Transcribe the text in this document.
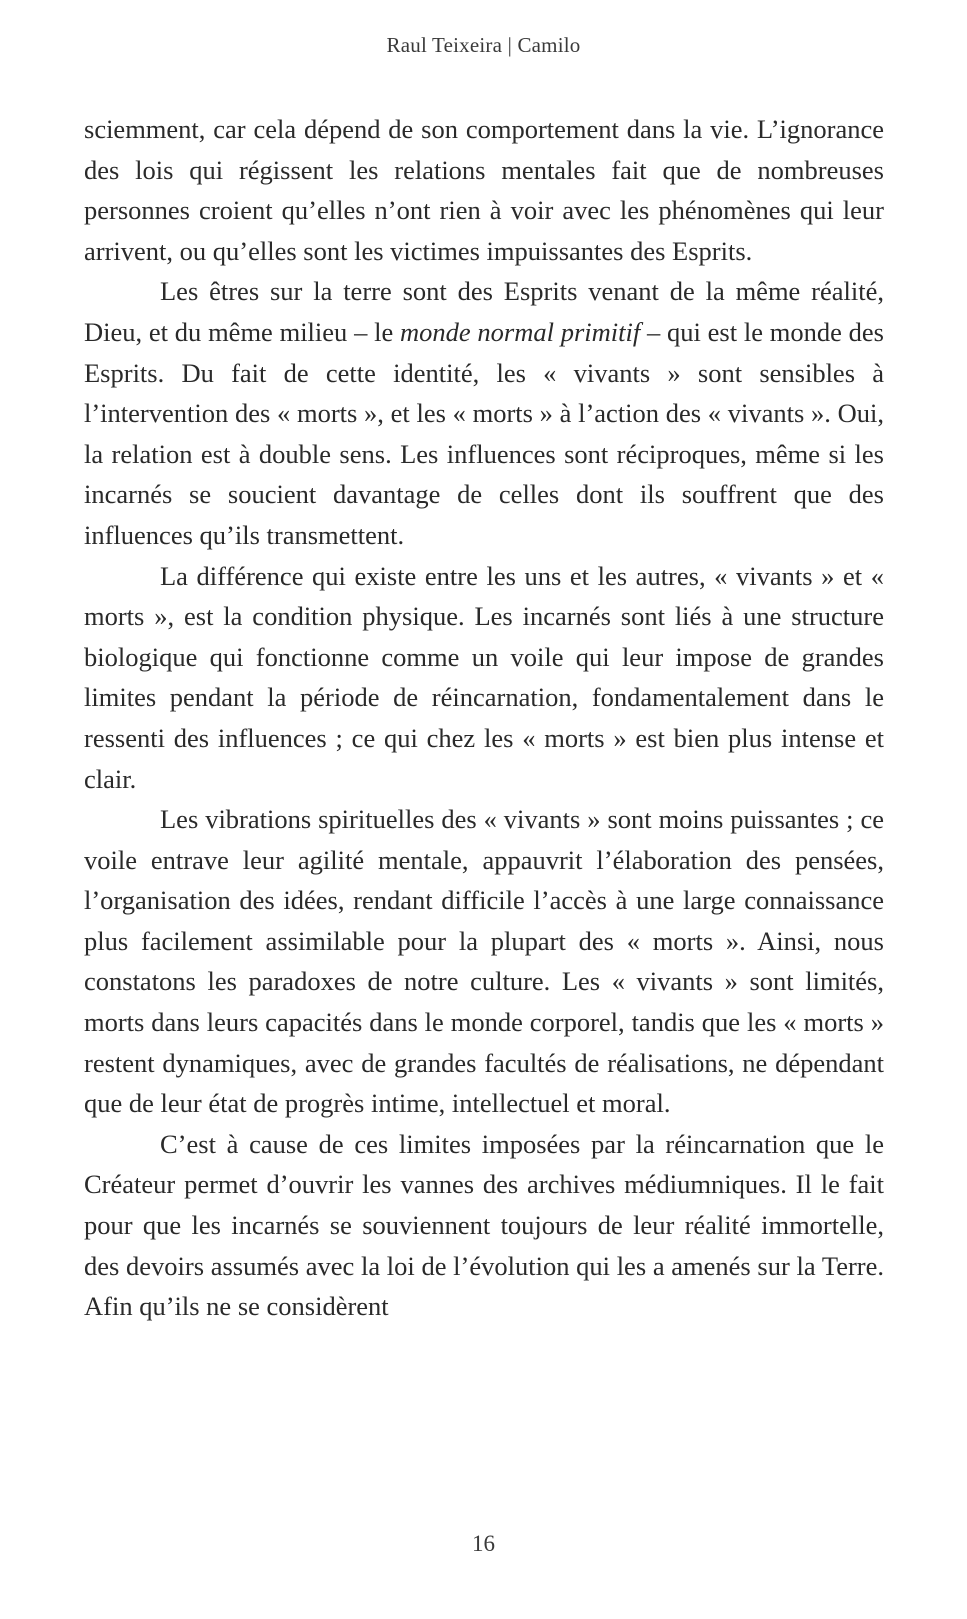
Raul Teixeira | Camilo

sciemment, car cela dépend de son comportement dans la vie. L’ignorance des lois qui régissent les relations mentales fait que de nombreuses personnes croient qu’elles n’ont rien à voir avec les phénomènes qui leur arrivent, ou qu’elles sont les victimes impuissantes des Esprits.

Les êtres sur la terre sont des Esprits venant de la même réalité, Dieu, et du même milieu – le monde normal primitif – qui est le monde des Esprits. Du fait de cette identité, les « vivants » sont sensibles à l’intervention des « morts », et les « morts » à l’action des « vivants ». Oui, la relation est à double sens. Les influences sont réciproques, même si les incarnés se soucient davantage de celles dont ils souffrent que des influences qu’ils transmettent.

La différence qui existe entre les uns et les autres, « vivants » et « morts », est la condition physique. Les incarnés sont liés à une structure biologique qui fonctionne comme un voile qui leur impose de grandes limites pendant la période de réincarnation, fondamentalement dans le ressenti des influences ; ce qui chez les « morts » est bien plus intense et clair.

Les vibrations spirituelles des « vivants » sont moins puissantes ; ce voile entrave leur agilité mentale, appauvrit l’élaboration des pensées, l’organisation des idées, rendant difficile l’accès à une large connaissance plus facilement assimilable pour la plupart des « morts ». Ainsi, nous constatons les paradoxes de notre culture. Les « vivants » sont limités, morts dans leurs capacités dans le monde corporel, tandis que les « morts » restent dynamiques, avec de grandes facultés de réalisations, ne dépendant que de leur état de progrès intime, intellectuel et moral.

C’est à cause de ces limites imposées par la réincarnation que le Créateur permet d’ouvrir les vannes des archives médiumniques. Il le fait pour que les incarnés se souviennent toujours de leur réalité immortelle, des devoirs assumés avec la loi de l’évolution qui les a amenés sur la Terre. Afin qu’ils ne se considèrent

16
